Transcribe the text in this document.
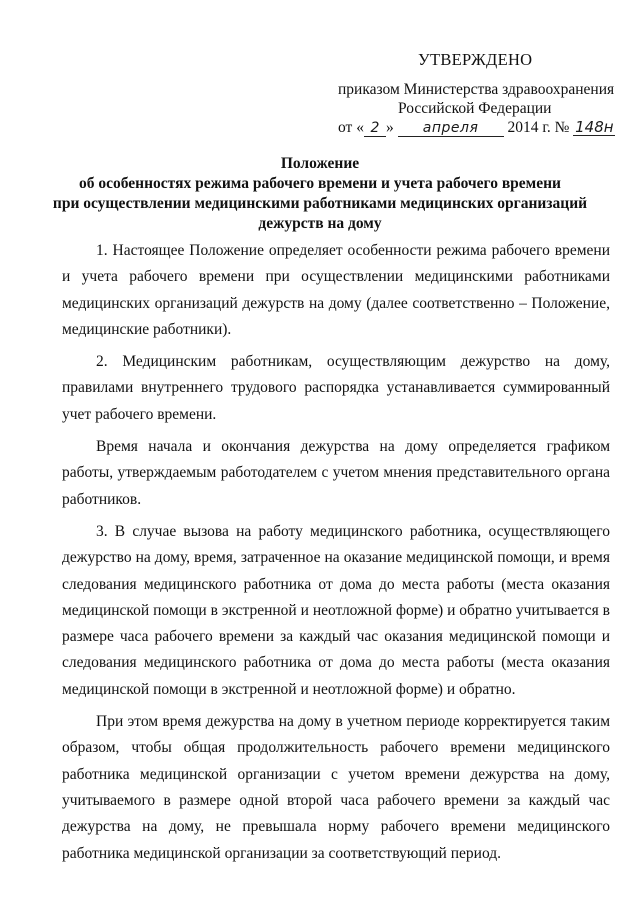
УТВЕРЖДЕНО
приказом Министерства здравоохранения
Российской Федерации
от « 2 » апреля 2014 г. № 148н
Положение
об особенностях режима рабочего времени и учета рабочего времени
при осуществлении медицинскими работниками медицинских организаций
дежурств на дому

1. Настоящее Положение определяет особенности режима рабочего времени и учета рабочего времени при осуществлении медицинскими работниками медицинских организаций дежурств на дому (далее соответственно – Положение, медицинские работники).

2. Медицинским работникам, осуществляющим дежурство на дому, правилами внутреннего трудового распорядка устанавливается суммированный учет рабочего времени.

Время начала и окончания дежурства на дому определяется графиком работы, утверждаемым работодателем с учетом мнения представительного органа работников.

3. В случае вызова на работу медицинского работника, осуществляющего дежурство на дому, время, затраченное на оказание медицинской помощи, и время следования медицинского работника от дома до места работы (места оказания медицинской помощи в экстренной и неотложной форме) и обратно учитывается в размере часа рабочего времени за каждый час оказания медицинской помощи и следования медицинского работника от дома до места работы (места оказания медицинской помощи в экстренной и неотложной форме) и обратно.

При этом время дежурства на дому в учетном периоде корректируется таким образом, чтобы общая продолжительность рабочего времени медицинского работника медицинской организации с учетом времени дежурства на дому, учитываемого в размере одной второй часа рабочего времени за каждый час дежурства на дому, не превышала норму рабочего времени медицинского работника медицинской организации за соответствующий период.
